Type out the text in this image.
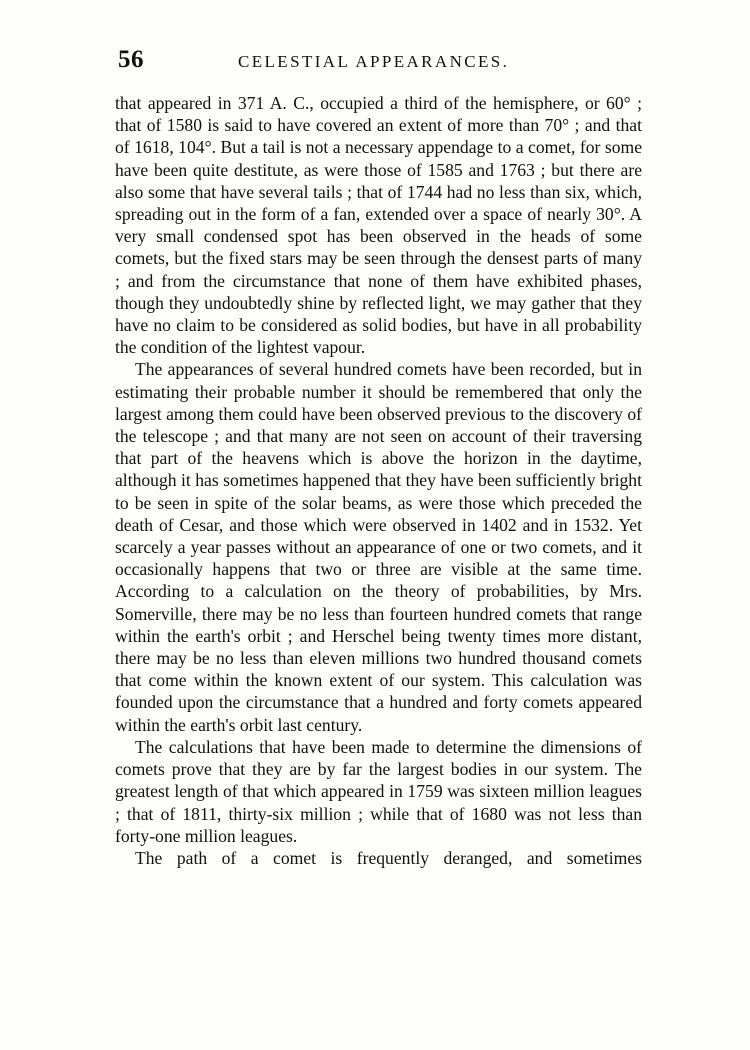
56	CELESTIAL APPEARANCES.

that appeared in 371 A. C., occupied a third of the hemisphere, or 60° ; that of 1580 is said to have covered an extent of more than 70° ; and that of 1618, 104°. But a tail is not a necessary appendage to a comet, for some have been quite destitute, as were those of 1585 and 1763 ; but there are also some that have several tails ; that of 1744 had no less than six, which, spreading out in the form of a fan, extended over a space of nearly 30°. A very small condensed spot has been observed in the heads of some comets, but the fixed stars may be seen through the densest parts of many ; and from the circumstance that none of them have exhibited phases, though they undoubtedly shine by reflected light, we may gather that they have no claim to be considered as solid bodies, but have in all probability the condition of the lightest vapour.

The appearances of several hundred comets have been recorded, but in estimating their probable number it should be remembered that only the largest among them could have been observed previous to the discovery of the telescope ; and that many are not seen on account of their traversing that part of the heavens which is above the horizon in the daytime, although it has sometimes happened that they have been sufficiently bright to be seen in spite of the solar beams, as were those which preceded the death of Cesar, and those which were observed in 1402 and in 1532. Yet scarcely a year passes without an appearance of one or two comets, and it occasionally happens that two or three are visible at the same time. According to a calculation on the theory of probabilities, by Mrs. Somerville, there may be no less than fourteen hundred comets that range within the earth's orbit ; and Herschel being twenty times more distant, there may be no less than eleven millions two hundred thousand comets that come within the known extent of our system. This calculation was founded upon the circumstance that a hundred and forty comets appeared within the earth's orbit last century.

The calculations that have been made to determine the dimensions of comets prove that they are by far the largest bodies in our system. The greatest length of that which appeared in 1759 was sixteen million leagues ; that of 1811, thirty-six million ; while that of 1680 was not less than forty-one million leagues.

The path of a comet is frequently deranged, and sometimes
